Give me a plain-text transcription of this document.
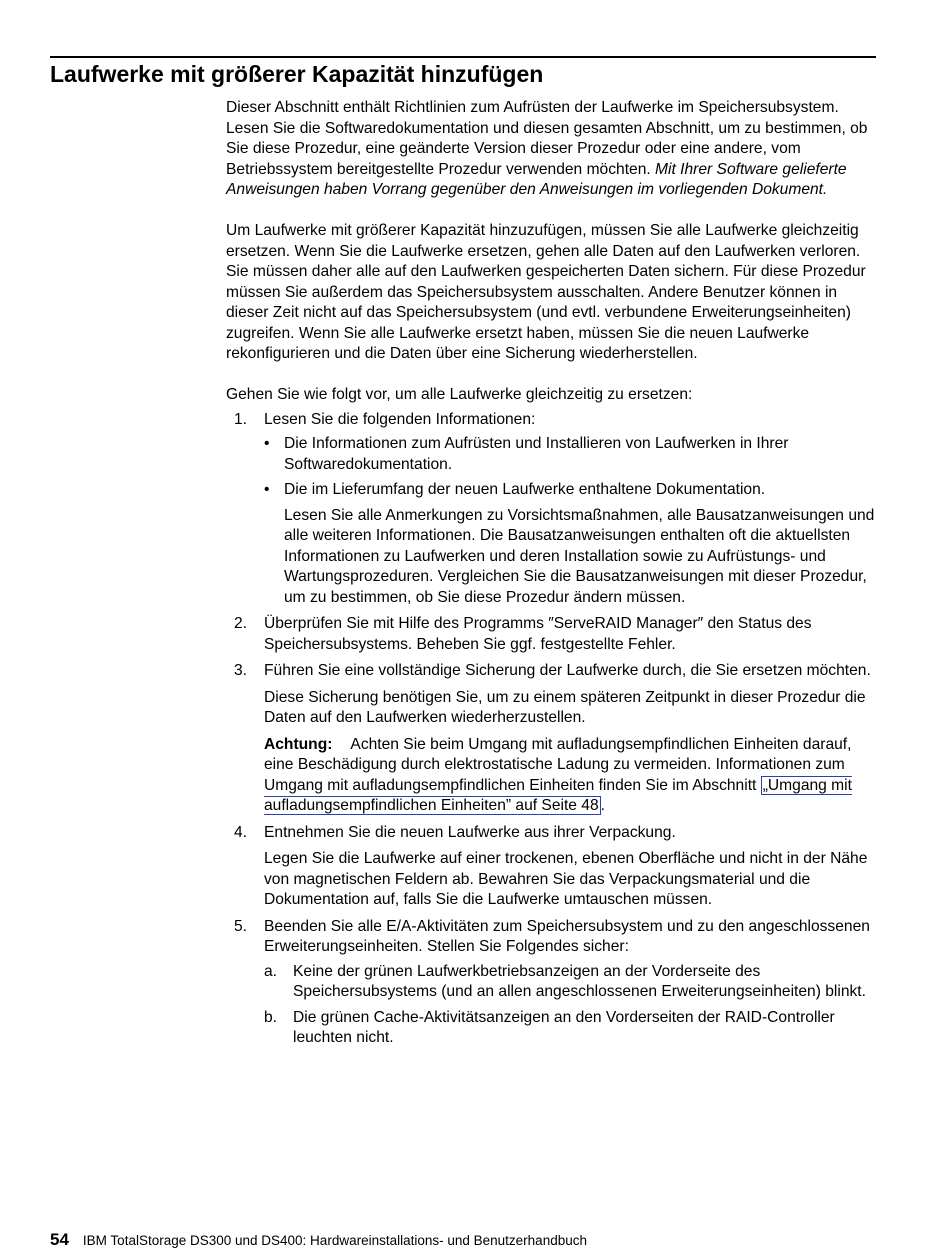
Laufwerke mit größerer Kapazität hinzufügen

Dieser Abschnitt enthält Richtlinien zum Aufrüsten der Laufwerke im Speichersubsystem. Lesen Sie die Softwaredokumentation und diesen gesamten Abschnitt, um zu bestimmen, ob Sie diese Prozedur, eine geänderte Version dieser Prozedur oder eine andere, vom Betriebssystem bereitgestellte Prozedur verwenden möchten. Mit Ihrer Software gelieferte Anweisungen haben Vorrang gegenüber den Anweisungen im vorliegenden Dokument.

Um Laufwerke mit größerer Kapazität hinzuzufügen, müssen Sie alle Laufwerke gleichzeitig ersetzen. Wenn Sie die Laufwerke ersetzen, gehen alle Daten auf den Laufwerken verloren. Sie müssen daher alle auf den Laufwerken gespeicherten Daten sichern. Für diese Prozedur müssen Sie außerdem das Speichersubsystem ausschalten. Andere Benutzer können in dieser Zeit nicht auf das Speichersubsystem (und evtl. verbundene Erweiterungseinheiten) zugreifen. Wenn Sie alle Laufwerke ersetzt haben, müssen Sie die neuen Laufwerke rekonfigurieren und die Daten über eine Sicherung wiederherstellen.

Gehen Sie wie folgt vor, um alle Laufwerke gleichzeitig zu ersetzen:

1. Lesen Sie die folgenden Informationen:

• Die Informationen zum Aufrüsten und Installieren von Laufwerken in Ihrer Softwaredokumentation.

• Die im Lieferumfang der neuen Laufwerke enthaltene Dokumentation.

Lesen Sie alle Anmerkungen zu Vorsichtsmaßnahmen, alle Bausatzanweisungen und alle weiteren Informationen. Die Bausatzanweisungen enthalten oft die aktuellsten Informationen zu Laufwerken und deren Installation sowie zu Aufrüstungs- und Wartungsprozeduren. Vergleichen Sie die Bausatzanweisungen mit dieser Prozedur, um zu bestimmen, ob Sie diese Prozedur ändern müssen.

2. Überprüfen Sie mit Hilfe des Programms ″ServeRAID Manager″ den Status des Speichersubsystems. Beheben Sie ggf. festgestellte Fehler.

3. Führen Sie eine vollständige Sicherung der Laufwerke durch, die Sie ersetzen möchten.

Diese Sicherung benötigen Sie, um zu einem späteren Zeitpunkt in dieser Prozedur die Daten auf den Laufwerken wiederherzustellen.

Achtung: Achten Sie beim Umgang mit aufladungsempfindlichen Einheiten darauf, eine Beschädigung durch elektrostatische Ladung zu vermeiden. Informationen zum Umgang mit aufladungsempfindlichen Einheiten finden Sie im Abschnitt „Umgang mit aufladungsempfindlichen Einheiten” auf Seite 48 .

4. Entnehmen Sie die neuen Laufwerke aus ihrer Verpackung.

Legen Sie die Laufwerke auf einer trockenen, ebenen Oberfläche und nicht in der Nähe von magnetischen Feldern ab. Bewahren Sie das Verpackungsmaterial und die Dokumentation auf, falls Sie die Laufwerke umtauschen müssen.

5. Beenden Sie alle E/A-Aktivitäten zum Speichersubsystem und zu den angeschlossenen Erweiterungseinheiten. Stellen Sie Folgendes sicher:

a. Keine der grünen Laufwerkbetriebsanzeigen an der Vorderseite des Speichersubsystems (und an allen angeschlossenen Erweiterungseinheiten) blinkt.

b. Die grünen Cache-Aktivitätsanzeigen an den Vorderseiten der RAID-Controller leuchten nicht.

54 IBM TotalStorage DS300 und DS400: Hardwareinstallations- und Benutzerhandbuch
